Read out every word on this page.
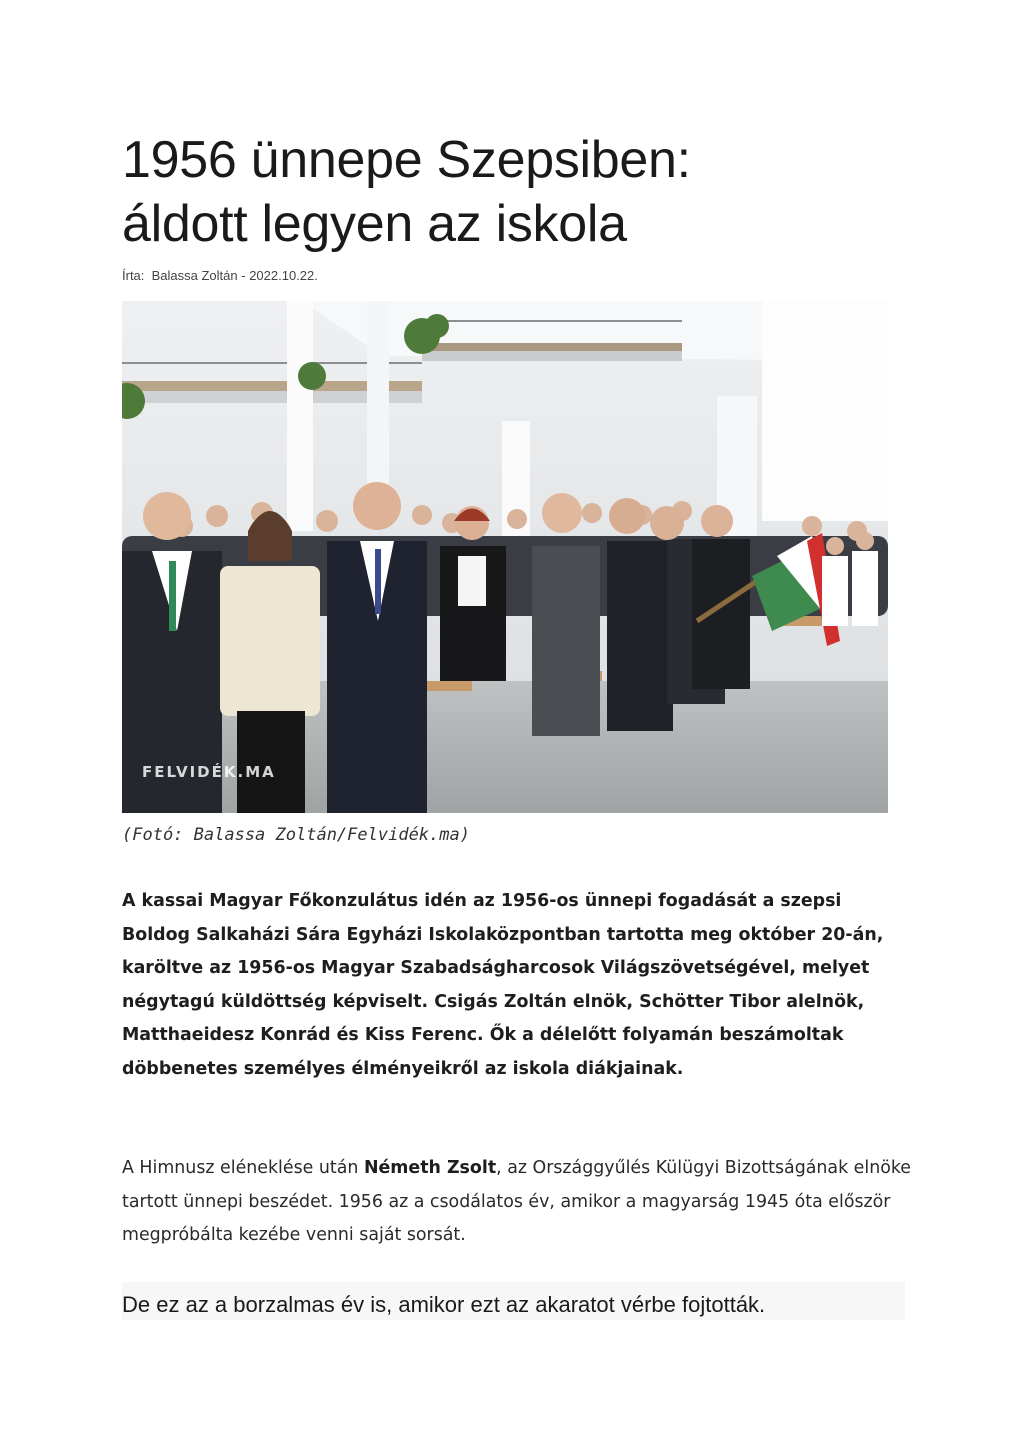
1956 ünnepe Szepsiben:
áldott legyen az iskola
Írta:  Balassa Zoltán - 2022.10.22.
FELVIDÉK.MA
(Fotó: Balassa Zoltán/Felvidék.ma)

A kassai Magyar Főkonzulátus idén az 1956-os ünnepi fogadását a szepsi Boldog Salkaházi Sára Egyházi Iskolaközpontban tartotta meg október 20-án, karöltve az 1956-os Magyar Szabadságharcosok Világszövetségével, melyet négytagú küldöttség képviselt. Csigás Zoltán elnök, Schötter Tibor alelnök, Matthaeidesz Konrád és Kiss Ferenc. Ők a délelőtt folyamán beszámoltak döbbenetes személyes élményeikről az iskola diákjainak.

A Himnusz eléneklése után Németh Zsolt, az Országgyűlés Külügyi Bizottságának elnöke tartott ünnepi beszédet. 1956 az a csodálatos év, amikor a magyarság 1945 óta először megpróbálta kezébe venni saját sorsát.

De ez az a borzalmas év is, amikor ezt az akaratot vérbe fojtották.
